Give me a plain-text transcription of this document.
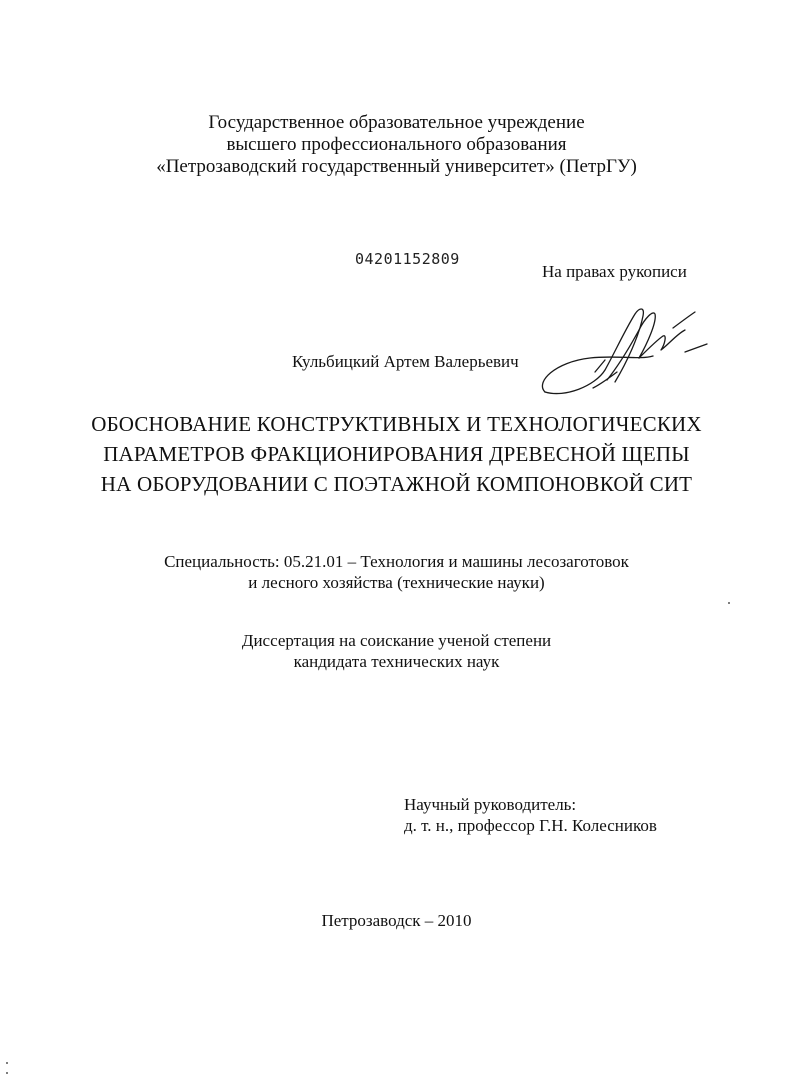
Государственное образовательное учреждение
высшего профессионального образования
«Петрозаводский государственный университет» (ПетрГУ)
04201152809
На правах рукописи
Кульбицкий Артем Валерьевич
ОБОСНОВАНИЕ КОНСТРУКТИВНЫХ И ТЕХНОЛОГИЧЕСКИХ
ПАРАМЕТРОВ ФРАКЦИОНИРОВАНИЯ ДРЕВЕСНОЙ ЩЕПЫ
НА ОБОРУДОВАНИИ С ПОЭТАЖНОЙ КОМПОНОВКОЙ СИТ
Специальность: 05.21.01 – Технология и машины лесозаготовок
и лесного хозяйства (технические науки)
Диссертация на соискание ученой степени
кандидата технических наук
Научный руководитель:
д. т. н., профессор Г.Н. Колесников
Петрозаводск – 2010
